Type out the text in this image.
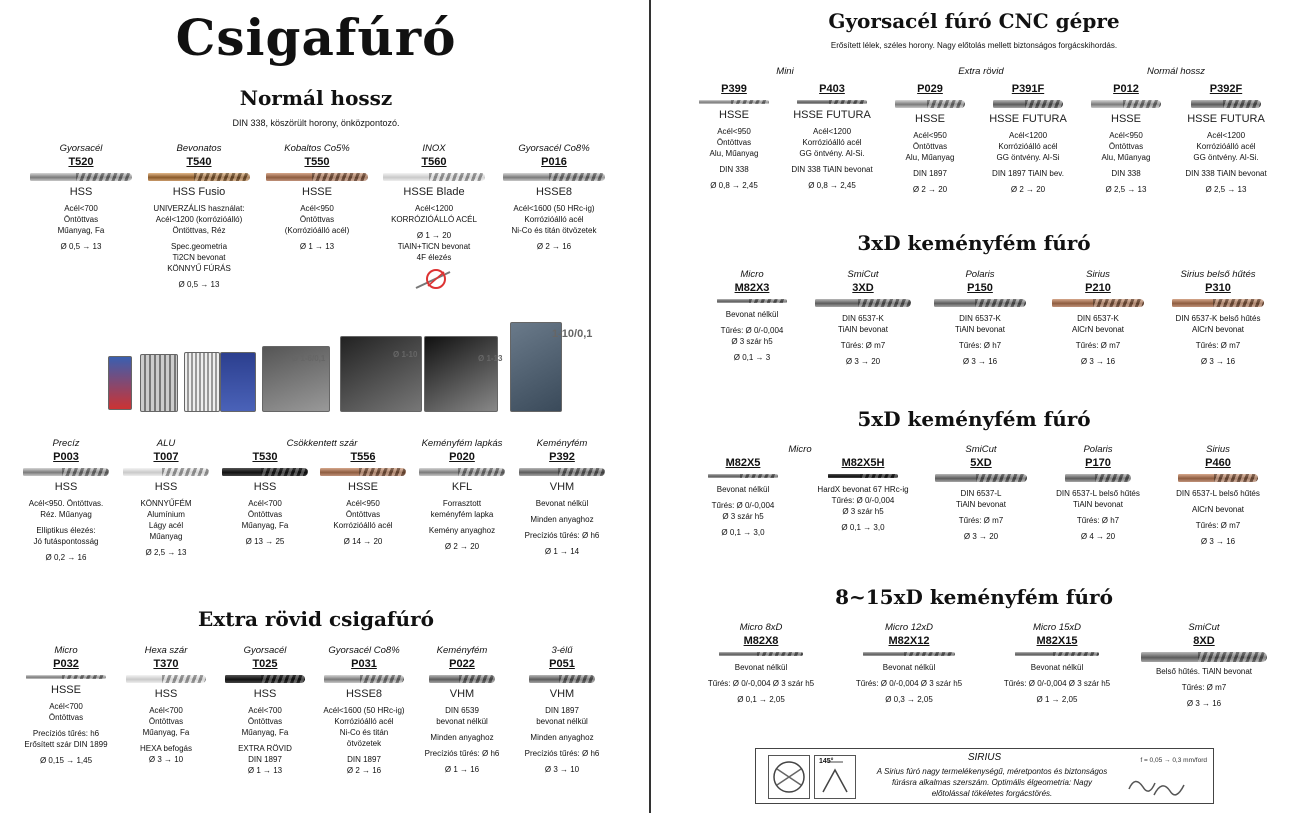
Csigafúró
Normál hossz
DIN 338, köszörült horony, önközpontozó.
Gyorsacél
T520
HSS
Acél<700
Öntöttvas
Műanyag, Fa
Ø 0,5 → 13
Bevonatos
T540
HSS Fusio
UNIVERZÁLIS használat:
Acél<1200 (korrózióálló)
Öntöttvas, Réz
Spec.geometria
Ti2CN bevonat
KÖNNYŰ FÚRÁS
Ø 0,5 → 13
Kobaltos Co5%
T550
HSSE
Acél<950
Öntöttvas
(Korrózióálló acél)
Ø 1 → 13
INOX
T560
HSSE Blade
Acél<1200
KORRÓZIÓÁLLÓ ACÉL
Ø 1 → 20
TiAlN+TiCN bevonat
4F élezés
Gyorsacél Co8%
P016
HSSE8
Acél<1600 (50 HRc-ig)
Korrózióálló acél
Ni-Co és titán ötvözetek
Ø 2 → 16
Ø 1-6/0,1	Ø 1-10	Ø 1-13
1-10/0,1
Csökkentett szár
Precíz
P003
HSS
Acél<950. Öntöttvas.
Réz. Műanyag
Elliptikus élezés:
Jó futáspontosság
Ø 0,2 → 16
ALU
T007
HSS
KÖNNYŰFÉM
Alumínium
Lágy acél
Műanyag
Ø 2,5 → 13
T530
HSS
Acél<700
Öntöttvas
Műanyag, Fa
Ø 13 → 25
T556
HSSE
Acél<950
Öntöttvas
Korrózióálló acél
Ø 14 → 20
Keményfém lapkás
P020
KFL
Forrasztott
keményfém lapka
Kemény anyaghoz
Ø 2 → 20
Keményfém
P392
VHM
Bevonat nélkül
Minden anyaghoz
Precíziós tűrés: Ø h6
Ø 1 → 14
Extra rövid csigafúró
Micro
P032
HSSE
Acél<700
Öntöttvas
Precíziós tűrés: h6
Erősített szár DIN 1899
Ø 0,15 → 1,45
Hexa szár
T370
HSS
Acél<700
Öntöttvas
Műanyag, Fa
HEXA befogás
Ø 3 → 10
Gyorsacél
T025
HSS
Acél<700
Öntöttvas
Műanyag, Fa
EXTRA RÖVID
DIN 1897
Ø 1 → 13
Gyorsacél Co8%
P031
HSSE8
Acél<1600 (50 HRc-ig)
Korrózióálló acél
Ni-Co és titán
ötvözetek
DIN 1897
Ø 2 → 16
Keményfém
P022
VHM
DIN 6539
bevonat nélkül
Minden anyaghoz
Precíziós tűrés: Ø h6
Ø 1 → 16
3-élű
P051
VHM
DIN 1897
bevonat nélkül
Minden anyaghoz
Precíziós tűrés: Ø h6
Ø 3 → 10
Gyorsacél fúró CNC gépre
Erősített lélek, széles horony. Nagy előtolás mellett biztonságos forgácskihordás.
Mini	Extra rövid	Normál hossz
P399
HSSE
Acél<950
Öntöttvas
Alu, Műanyag
DIN 338
Ø 0,8 → 2,45
P403
HSSE FUTURA
Acél<1200
Korrózióálló acél
GG öntvény. Al-Si.
DIN 338 TiAlN bevonat
Ø 0,8 → 2,45
P029
HSSE
Acél<950
Öntöttvas
Alu, Műanyag
DIN 1897
Ø 2 → 20
P391F
HSSE FUTURA
Acél<1200
Korrózióálló acél
GG öntvény. Al-Si
DIN 1897 TiAlN bev.
Ø 2 → 20
P012
HSSE
Acél<950
Öntöttvas
Alu, Műanyag
DIN 338
Ø 2,5 → 13
P392F
HSSE FUTURA
Acél<1200
Korrózióálló acél
GG öntvény. Al-Si.
DIN 338 TiAlN bevonat
Ø 2,5 → 13
3xD keményfém fúró
Micro
M82X3
Bevonat nélkül
Tűrés: Ø 0/-0,004
Ø 3 szár h5
Ø 0,1 → 3
SmiCut
3XD
DIN 6537-K
TiAlN bevonat
Tűrés: Ø m7
Ø 3 → 20
Polaris
P150
DIN 6537-K
TiAlN bevonat
Tűrés: Ø h7
Ø 3 → 16
Sirius
P210
DIN 6537-K
AlCrN bevonat
Tűrés: Ø m7
Ø 3 → 16
Sirius belső hűtés
P310
DIN 6537-K belső hűtés
AlCrN bevonat
Tűrés: Ø m7
Ø 3 → 16
5xD keményfém fúró
Micro
M82X5
Bevonat nélkül
Tűrés: Ø 0/-0,004
Ø 3 szár h5
Ø 0,1 → 3,0
M82X5H
HardX bevonat 67 HRc-ig
Tűrés: Ø 0/-0,004
Ø 3 szár h5
Ø 0,1 → 3,0
SmiCut
5XD
DIN 6537-L
TiAlN bevonat
Tűrés: Ø m7
Ø 3 → 20
Polaris
P170
DIN 6537-L belső hűtés
TiAlN bevonat
Tűrés: Ø h7
Ø 4 → 20
Sirius
P460
DIN 6537-L belső hűtés
AlCrN bevonat
Tűrés: Ø m7
Ø 3 → 16
8~15xD keményfém fúró
Micro 8xD
M82X8
Bevonat nélkül
Tűrés: Ø 0/-0,004 Ø 3 szár h5
Ø 0,1 → 2,05
Micro 12xD
M82X12
Bevonat nélkül
Tűrés: Ø 0/-0,004 Ø 3 szár h5
Ø 0,3 → 2,05
Micro 15xD
M82X15
Bevonat nélkül
Tűrés: Ø 0/-0,004 Ø 3 szár h5
Ø 1 → 2,05
SmiCut
8XD
Belső hűtés. TiAlN bevonat
Tűrés: Ø m7
Ø 3 → 16
SIRIUS
145°
A Sirius fúró nagy termelékenységű, méretpontos és biztonságos fúrásra alkalmas szerszám. Optimális élgeometria: Nagy előtolással tökéletes forgácstörés.
f = 0,05 → 0,3 mm/ford
